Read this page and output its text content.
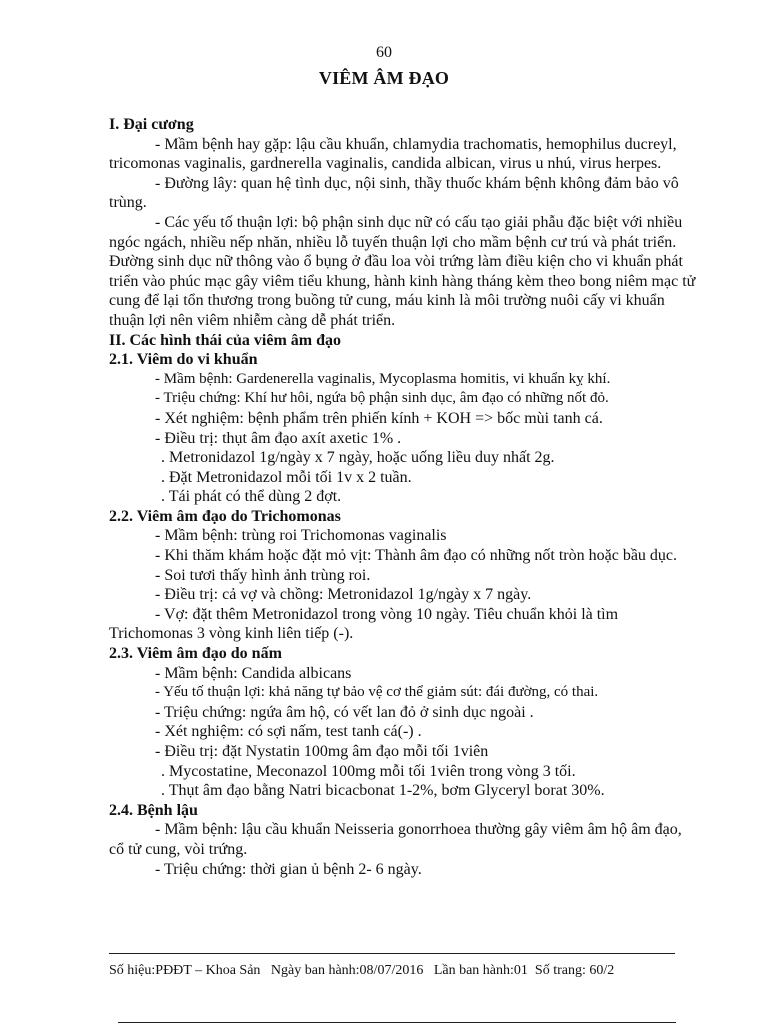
60
VIÊM ÂM ĐẠO

I. Đại cương

- Mầm bệnh hay gặp: lậu cầu khuẩn, chlamydia trachomatis, hemophilus ducreyl, tricomonas vaginalis, gardnerella vaginalis, candida albican, virus u nhú, virus herpes.

- Đường lây: quan hệ tình dục, nội sinh, thầy thuốc khám bệnh không đảm bảo vô trùng.

- Các yếu tố thuận lợi: bộ phận sinh dục nữ có cấu tạo giải phẫu đặc biệt với nhiều ngóc ngách, nhiều nếp nhăn, nhiều lỗ tuyến thuận lợi cho mầm bệnh cư trú và phát triển. Đường sinh dục nữ thông vào ổ bụng ở đầu loa vòi trứng làm điều kiện cho vi khuẩn phát triển vào phúc mạc gây viêm tiểu khung, hành kinh hàng tháng kèm theo bong niêm mạc tử cung để lại tổn thương trong buồng tử cung, máu kinh là môi trường nuôi cấy vi khuẩn thuận lợi nên viêm nhiễm càng dễ phát triển.

II. Các hình thái của viêm âm đạo

2.1. Viêm do vi khuẩn

- Mầm bệnh: Gardenerella vaginalis, Mycoplasma homitis, vi khuẩn kỵ khí.

- Triệu chứng: Khí hư hôi, ngứa bộ phận sinh dục, âm đạo có những nốt đỏ.

- Xét nghiệm: bệnh phẩm trên phiến kính + KOH => bốc mùi tanh cá.

- Điều trị: thụt âm đạo axít axetic 1% .

. Metronidazol 1g/ngày x 7 ngày, hoặc uống liều duy nhất 2g.

. Đặt Metronidazol mỗi tối 1v x 2 tuần.

. Tái phát có thể dùng 2 đợt.

2.2. Viêm âm đạo do Trichomonas

- Mầm bệnh: trùng roi Trichomonas vaginalis

- Khi thăm khám hoặc đặt mỏ vịt: Thành âm đạo có những nốt tròn hoặc bầu dục.

- Soi tươi thấy hình ảnh trùng roi.

- Điều trị: cả vợ và chồng: Metronidazol 1g/ngày x 7 ngày.

- Vợ: đặt thêm Metronidazol trong vòng 10 ngày. Tiêu chuẩn khỏi là tìm Trichomonas 3 vòng kinh liên tiếp (-).

2.3. Viêm âm đạo do nấm

- Mầm bệnh: Candida albicans

- Yếu tố thuận lợi: khả năng tự bảo vệ cơ thể giảm sút: đái đường, có thai.

- Triệu chứng: ngứa âm hộ, có vết lan đỏ ở sinh dục ngoài .

- Xét nghiệm: có sợi nấm, test tanh cá(-) .

- Điều trị: đặt Nystatin 100mg âm đạo mỗi tối 1viên

. Mycostatine, Meconazol 100mg mỗi tối 1viên trong vòng 3 tối.

. Thụt âm đạo bằng Natri bicacbonat 1-2%, bơm Glyceryl borat 30%.

2.4. Bệnh lậu

- Mầm bệnh: lậu cầu khuẩn Neisseria gonorrhoea thường gây viêm âm hộ âm đạo, cổ tử cung, vòi trứng.

- Triệu chứng: thời gian ủ bệnh 2- 6 ngày.

Số hiệu:PĐĐT – Khoa Sản   Ngày ban hành:08/07/2016   Lần ban hành:01  Số trang: 60/2
